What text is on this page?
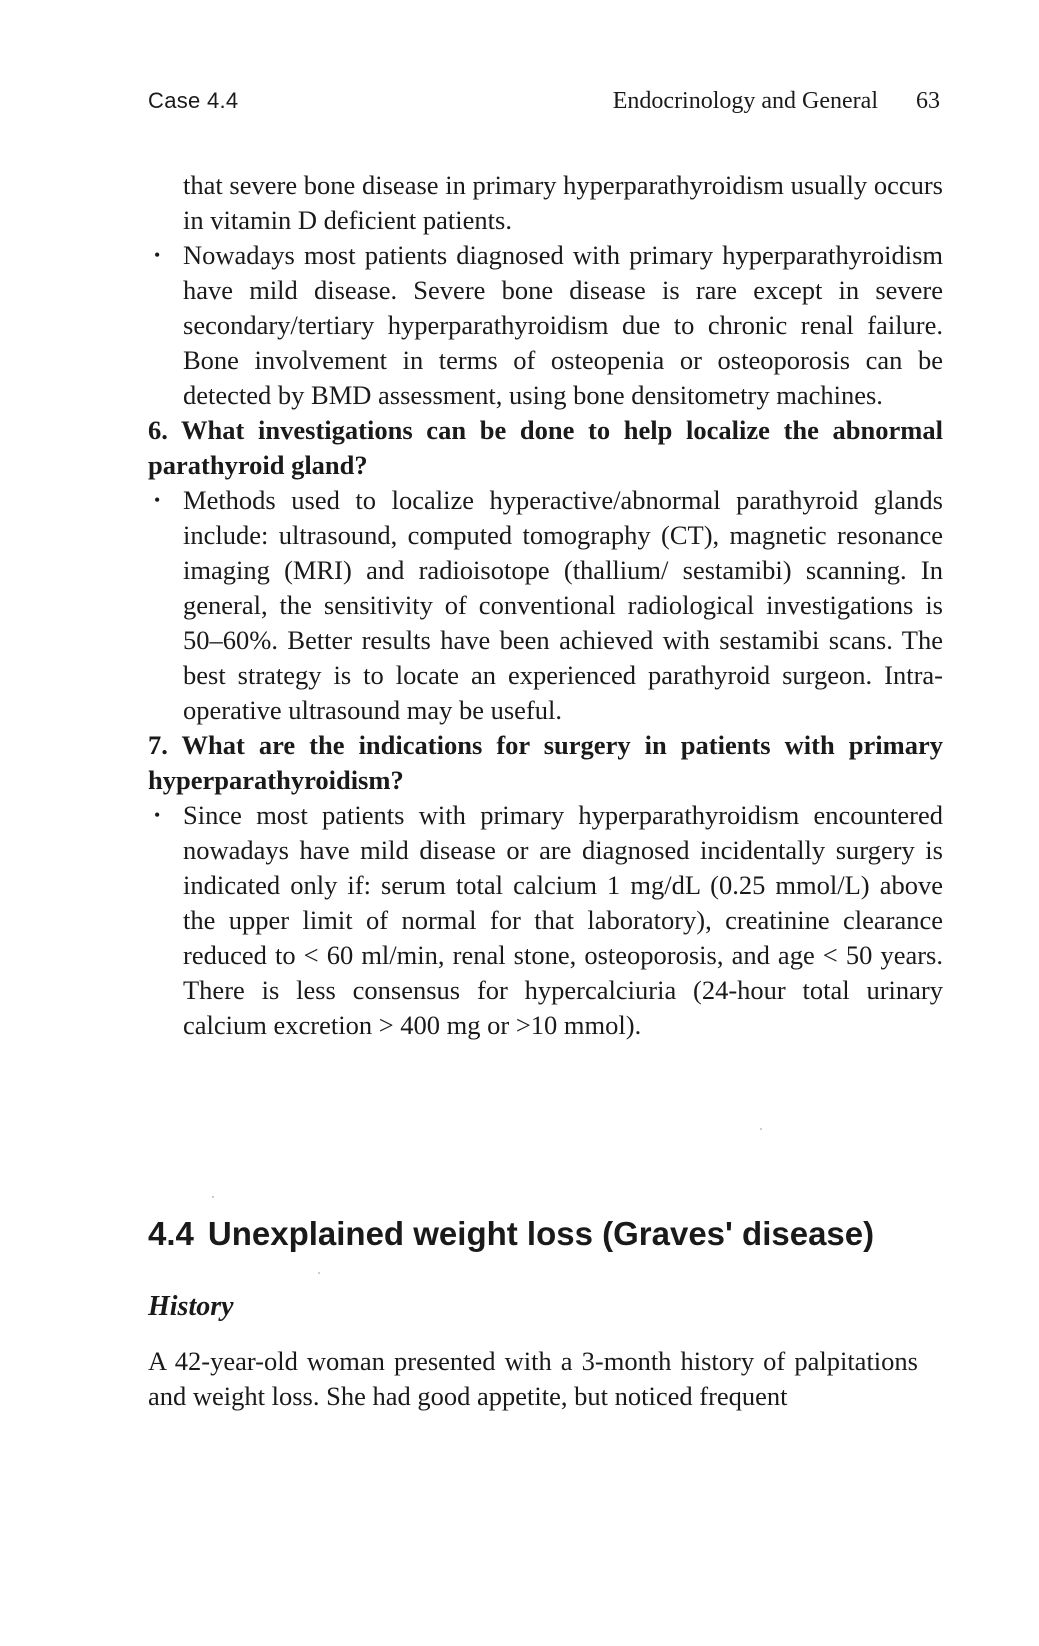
Case 4.4	Endocrinology and General 63
that severe bone disease in primary hyperparathyroidism usually occurs in vitamin D deficient patients.
• Nowadays most patients diagnosed with primary hyperparathyroidism have mild disease. Severe bone disease is rare except in severe secondary/tertiary hyperparathyroidism due to chronic renal failure. Bone involvement in terms of osteopenia or osteoporosis can be detected by BMD assessment, using bone densitometry machines.

6. What investigations can be done to help localize the abnormal parathyroid gland?

• Methods used to localize hyperactive/abnormal parathyroid glands include: ultrasound, computed tomography (CT), magnetic resonance imaging (MRI) and radioisotope (thallium/ sestamibi) scanning. In general, the sensitivity of conventional radiological investigations is 50–60%. Better results have been achieved with sestamibi scans. The best strategy is to locate an experienced parathyroid surgeon. Intra-operative ultrasound may be useful.

7. What are the indications for surgery in patients with primary hyperparathyroidism?

• Since most patients with primary hyperparathyroidism encountered nowadays have mild disease or are diagnosed incidentally surgery is indicated only if: serum total calcium 1 mg/dL (0.25 mmol/L) above the upper limit of normal for that laboratory), creatinine clearance reduced to < 60 ml/min, renal stone, osteoporosis, and age < 50 years. There is less consensus for hypercalciuria (24-hour total urinary calcium excretion > 400 mg or >10 mmol).
4.4 Unexplained weight loss (Graves' disease)
History

A 42-year-old woman presented with a 3-month history of palpitations and weight loss. She had good appetite, but noticed frequent
